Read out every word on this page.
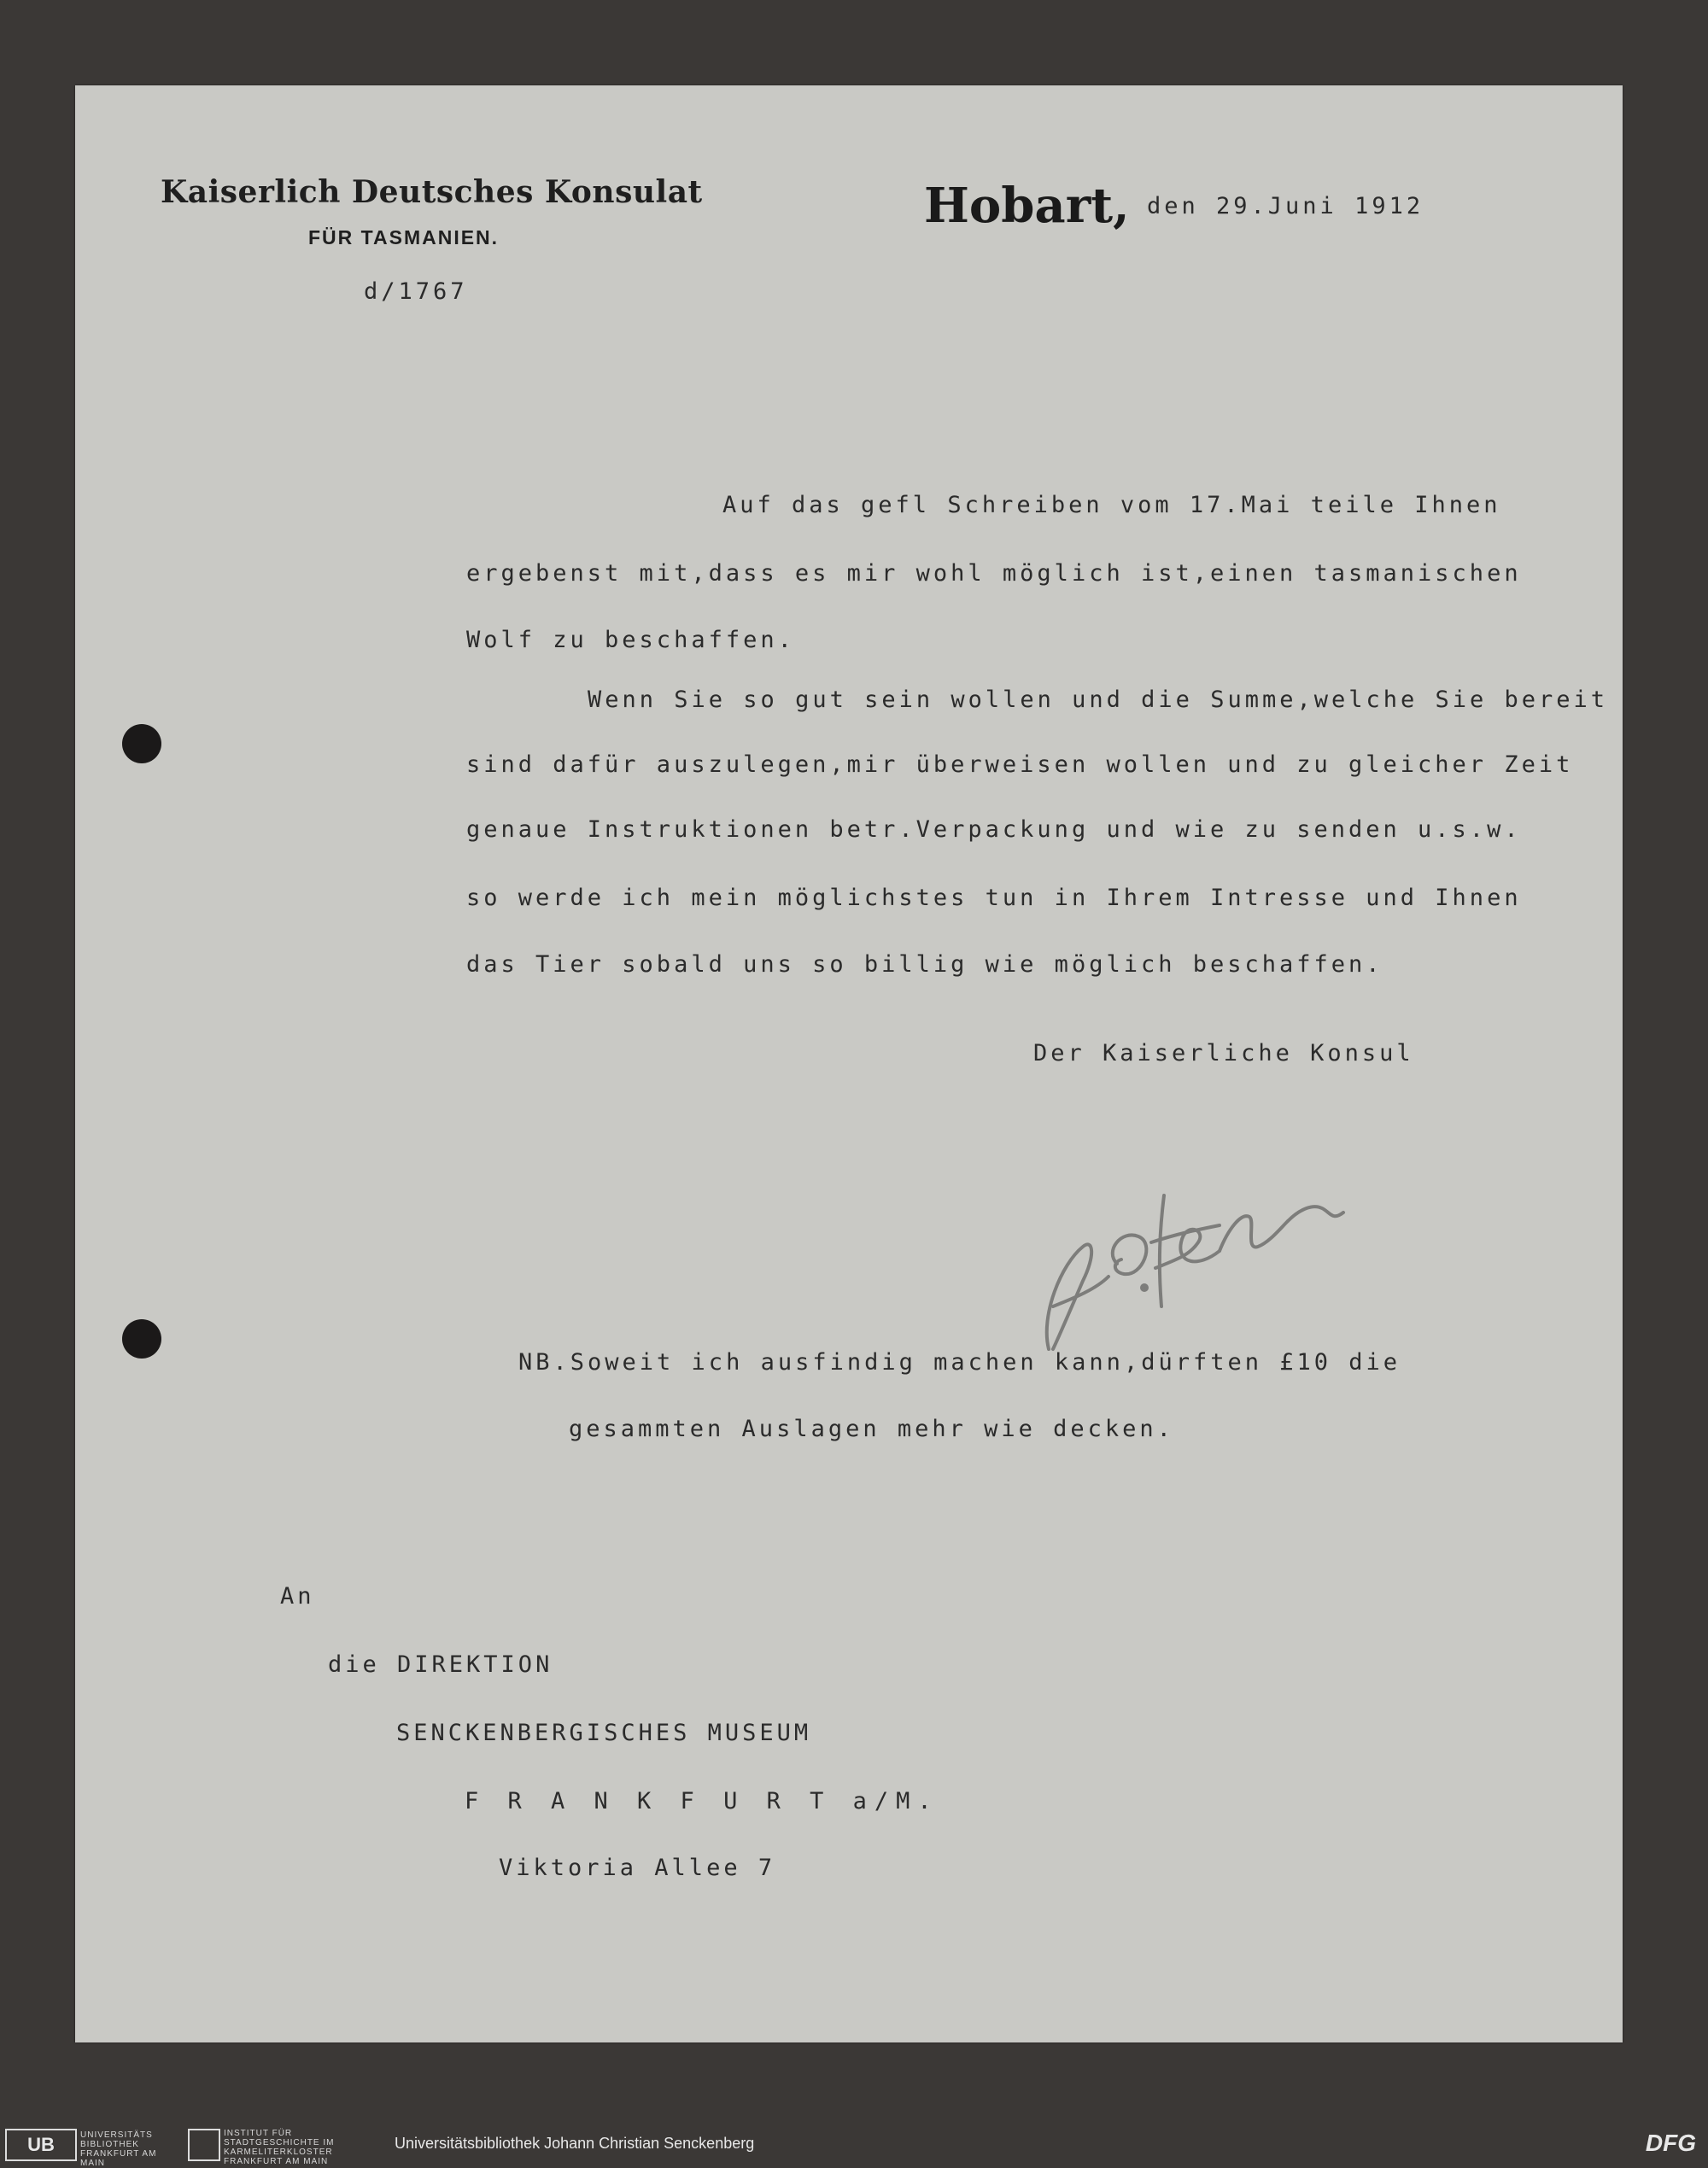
Kaiserlich Deutsches Konsulat
FÜR TASMANIEN.
d/1767
Hobart, den 29.Juni 1912
Auf das gefl Schreiben vom 17.Mai teile Ihnen
ergebenst mit,dass es mir wohl möglich ist,einen tasmanischen
Wolf zu beschaffen.
Wenn Sie so gut sein wollen und die Summe,welche Sie bereit
sind dafür auszulegen,mir überweisen wollen und zu gleicher Zeit
genaue Instruktionen betr.Verpackung und wie zu senden u.s.w.
so werde ich mein möglichstes tun in Ihrem Intresse und Ihnen
das Tier sobald uns so billig wie möglich beschaffen.
Der Kaiserliche Konsul
NB.Soweit ich ausfindig machen kann,dürften £10 die
gesammten Auslagen mehr wie decken.
An
die DIREKTION
SENCKENBERGISCHES MUSEUM
F R A N K F U R T a/M.
Viktoria Allee 7
UB	UNIVERSITÄTS BIBLIOTHEK FRANKFURT AM MAIN
INSTITUT FÜR STADTGESCHICHTE IM KARMELITERKLOSTER FRANKFURT AM MAIN
Universitätsbibliothek Johann Christian Senckenberg	DFG
